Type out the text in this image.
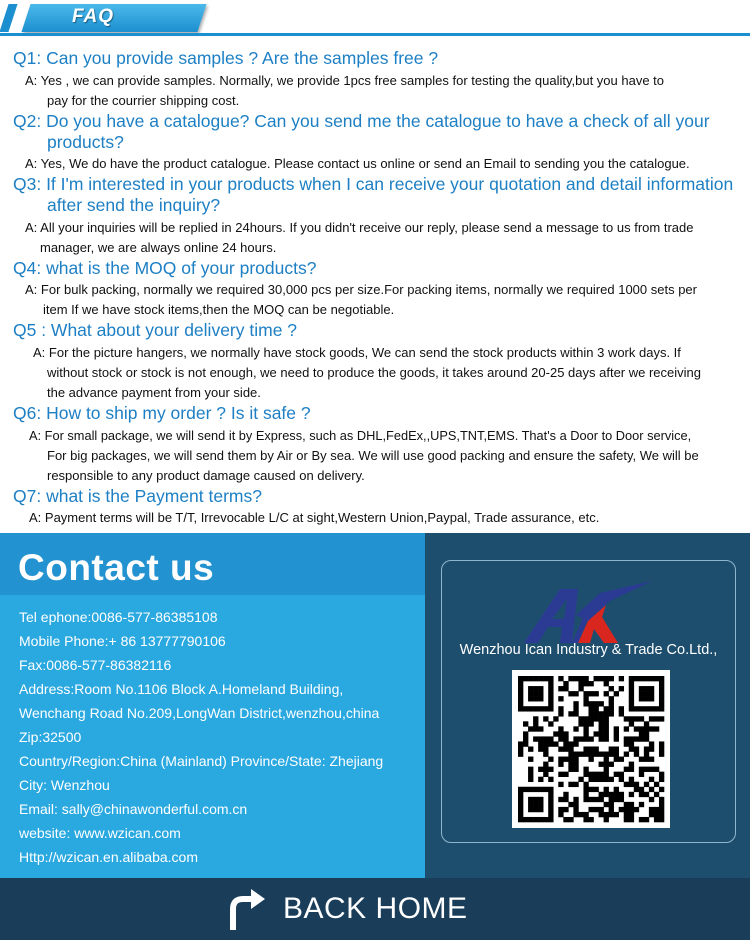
FAQ

Q1: Can you provide samples ? Are the samples free ?

A: Yes , we can provide samples. Normally, we provide 1pcs free samples for testing the quality,but you have to

pay for the courrier shipping cost.

Q2: Do you have a catalogue? Can you send me the catalogue to have a check of all your

products?

A: Yes, We do have the product catalogue. Please contact us online or send an Email to sending you the catalogue.

Q3: If I'm interested in your products when I can receive your quotation and detail information

after send the inquiry?

A: All your inquiries will be replied in 24hours. If you didn't receive our reply, please send a message to us from trade

manager, we are always online 24 hours.

Q4: what is the MOQ of your products?

A: For bulk packing, normally we required 30,000 pcs per size.For packing items, normally we required 1000 sets per

item If we have stock items,then the MOQ can be negotiable.

Q5 : What about your delivery time ?

A: For the picture hangers, we normally have stock goods, We can send the stock products within 3 work days. If

without stock or stock is not enough, we need to produce the goods, it takes around 20-25 days after we receiving

the advance payment from your side.

Q6: How to ship my order ? Is it safe ?

A: For small package, we will send it by Express, such as DHL,FedEx,,UPS,TNT,EMS. That's a Door to Door service,

For big packages, we will send them by Air or By sea. We will use good packing and ensure the safety, We will be

responsible to any product damage caused on delivery.

Q7: what is the Payment terms?

A: Payment terms will be T/T, Irrevocable L/C at sight,Western Union,Paypal, Trade assurance, etc.

Contact us
Tel ephone:0086-577-86385108
Mobile Phone:+ 86 13777790106
Fax:0086-577-86382116
Address:Room No.1106 Block A.Homeland Building,
Wenchang Road No.209,LongWan District,wenzhou,china
Zip:32500
Country/Region:China (Mainland) Province/State: Zhejiang
City: Wenzhou
Email: sally@chinawonderful.com.cn
website: www.wzican.com
Http://wzican.en.alibaba.com
Wenzhou Ican Industry & Trade Co.Ltd.,
BACK HOME
